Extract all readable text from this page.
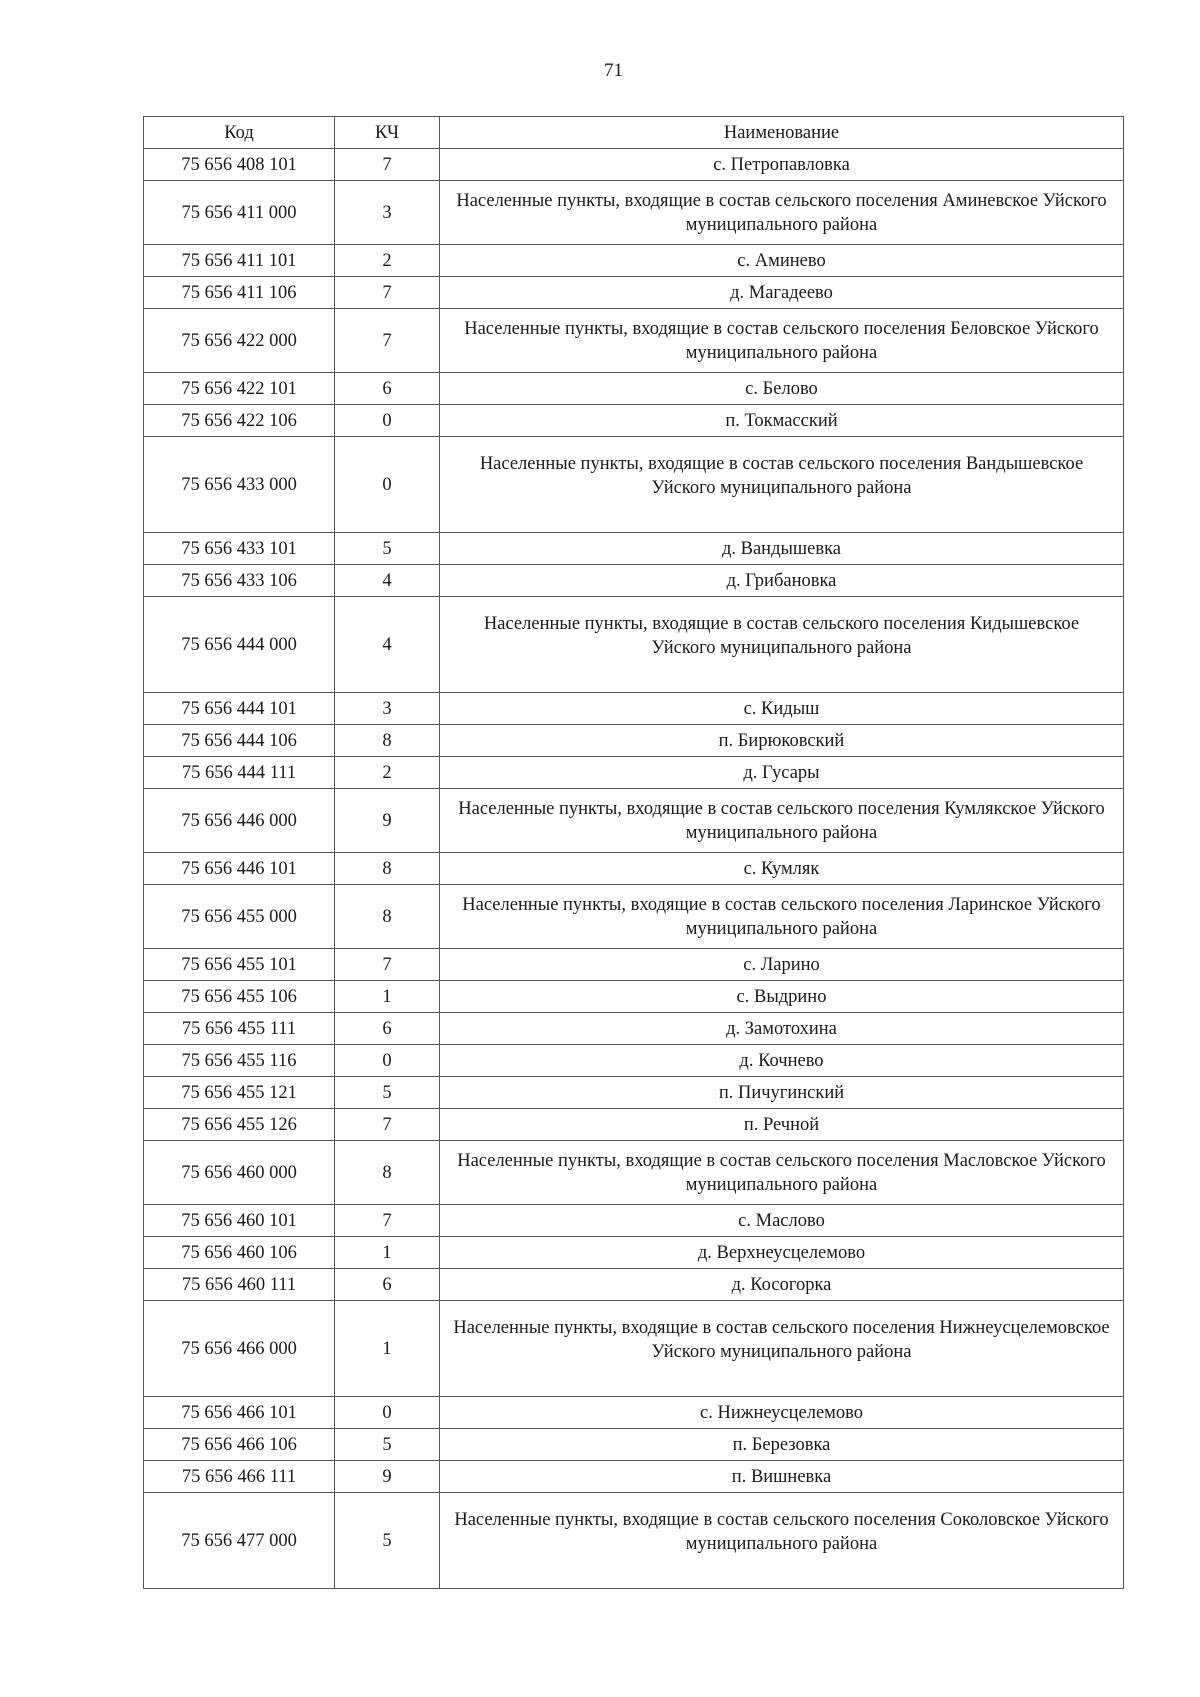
71
Код	КЧ	Наименование
75 656 408 101	7	с. Петропавловка
75 656 411 000	3	Населенные пункты, входящие в состав сельского поселения Аминевское Уйского муниципального района
75 656 411 101	2	с. Аминево
75 656 411 106	7	д. Магадеево
75 656 422 000	7	Населенные пункты, входящие в состав сельского поселения Беловское Уйского муниципального района
75 656 422 101	6	с. Белово
75 656 422 106	0	п. Токмасский
75 656 433 000	0	Населенные пункты, входящие в состав сельского поселения Вандышевское Уйского муниципального района
75 656 433 101	5	д. Вандышевка
75 656 433 106	4	д. Грибановка
75 656 444 000	4	Населенные пункты, входящие в состав сельского поселения Кидышевское Уйского муниципального района
75 656 444 101	3	с. Кидыш
75 656 444 106	8	п. Бирюковский
75 656 444 111	2	д. Гусары
75 656 446 000	9	Населенные пункты, входящие в состав сельского поселения Кумлякское Уйского муниципального района
75 656 446 101	8	с. Кумляк
75 656 455 000	8	Населенные пункты, входящие в состав сельского поселения Ларинское Уйского муниципального района
75 656 455 101	7	с. Ларино
75 656 455 106	1	с. Выдрино
75 656 455 111	6	д. Замотохина
75 656 455 116	0	д. Кочнево
75 656 455 121	5	п. Пичугинский
75 656 455 126	7	п. Речной
75 656 460 000	8	Населенные пункты, входящие в состав сельского поселения Масловское Уйского муниципального района
75 656 460 101	7	с. Маслово
75 656 460 106	1	д. Верхнеусцелемово
75 656 460 111	6	д. Косогорка
75 656 466 000	1	Населенные пункты, входящие в состав сельского поселения Нижнеусцелемовское Уйского муниципального района
75 656 466 101	0	с. Нижнеусцелемово
75 656 466 106	5	п. Березовка
75 656 466 111	9	п. Вишневка
75 656 477 000	5	Населенные пункты, входящие в состав сельского поселения Соколовское Уйского муниципального района
